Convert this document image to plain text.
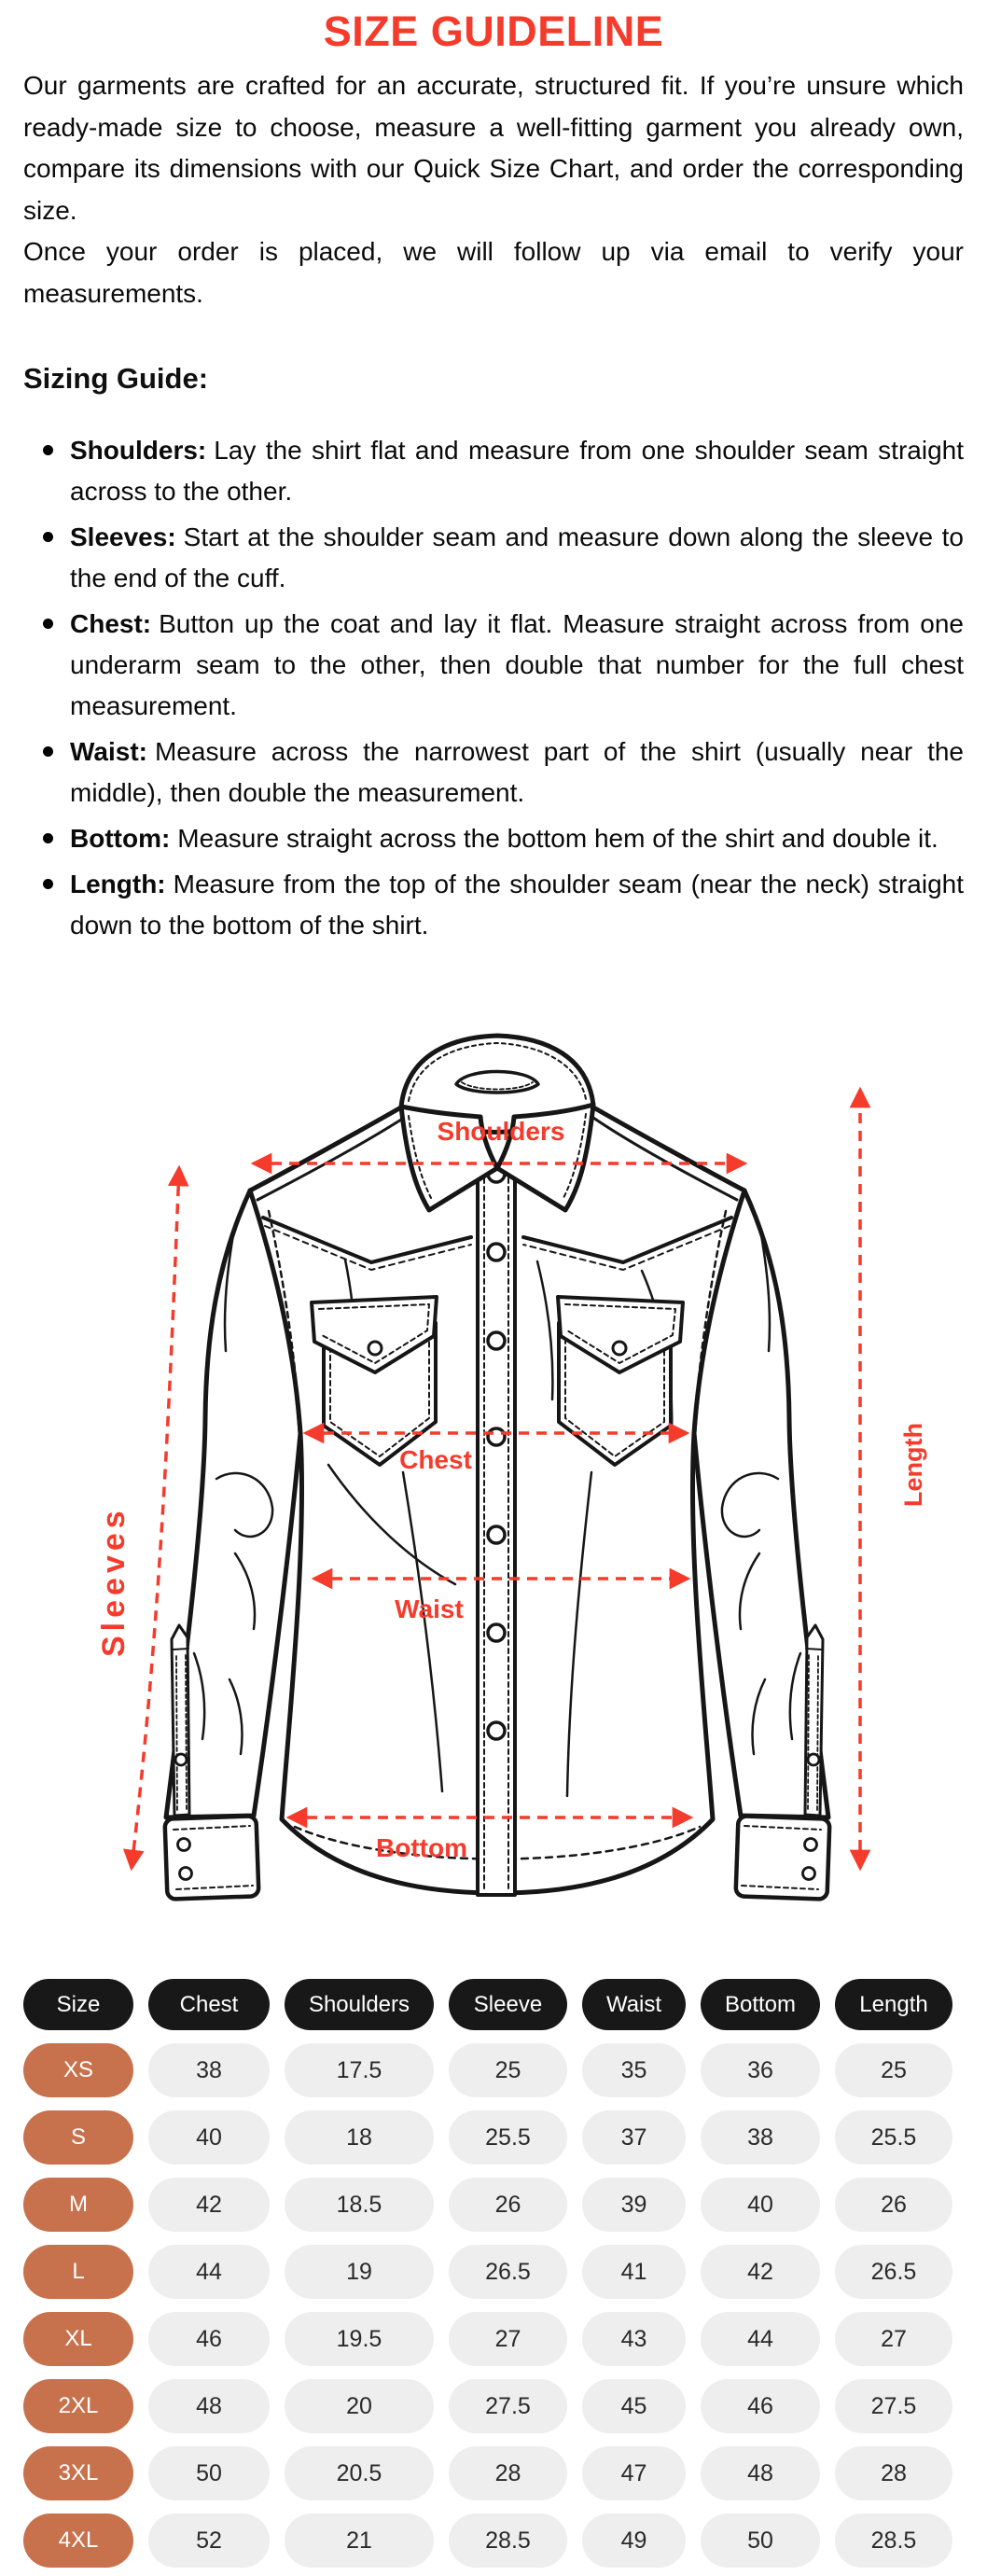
SIZE GUIDELINE

Our garments are crafted for an accurate, structured fit. If you’re unsure which ready-made size to choose, measure a well-fitting garment you already own, compare its dimensions with our Quick Size Chart, and order the corresponding size.

Once your order is placed, we will follow up via email to verify your measurements.

Sizing Guide:
Shoulders: Lay the shirt flat and measure from one shoulder seam straight across to the other.
Sleeves: Start at the shoulder seam and measure down along the sleeve to the end of the cuff.
Chest: Button up the coat and lay it flat. Measure straight across from one underarm seam to the other, then double that number for the full chest measurement.
Waist: Measure across the narrowest part of the shirt (usually near the middle), then double the measurement.
Bottom: Measure straight across the bottom hem of the shirt and double it.
Length: Measure from the top of the shoulder seam (near the neck) straight down to the bottom of the shirt.
Shoulders
Chest
Waist
Bottom
Sleeves
Length
Size	Chest	Shoulders	Sleeve	Waist	Bottom	Length
XS	38	17.5	25	35	36	25
S	40	18	25.5	37	38	25.5
M	42	18.5	26	39	40	26
L	44	19	26.5	41	42	26.5
XL	46	19.5	27	43	44	27
2XL	48	20	27.5	45	46	27.5
3XL	50	20.5	28	47	48	28
4XL	52	21	28.5	49	50	28.5
